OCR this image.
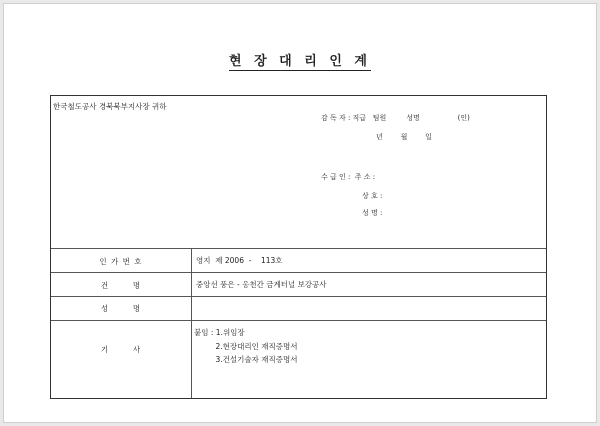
현 장 대 리 인 계
한국철도공사 경북북부지사장 귀하
감 독 자 : 직급   팀원         성명                 (인)
년        월        일
수 급 인 :  주 소 :
상 호 :
성 명 :
인 가 번 호	영지  제 2006  -    113호
건       명	중앙선 풍은 - 옹천간 금계터널 보강공사
성       명
기       사
붙임 : 1.위임장
2.현장대리인 재직증명서
3.건설기술자 재직증명서
